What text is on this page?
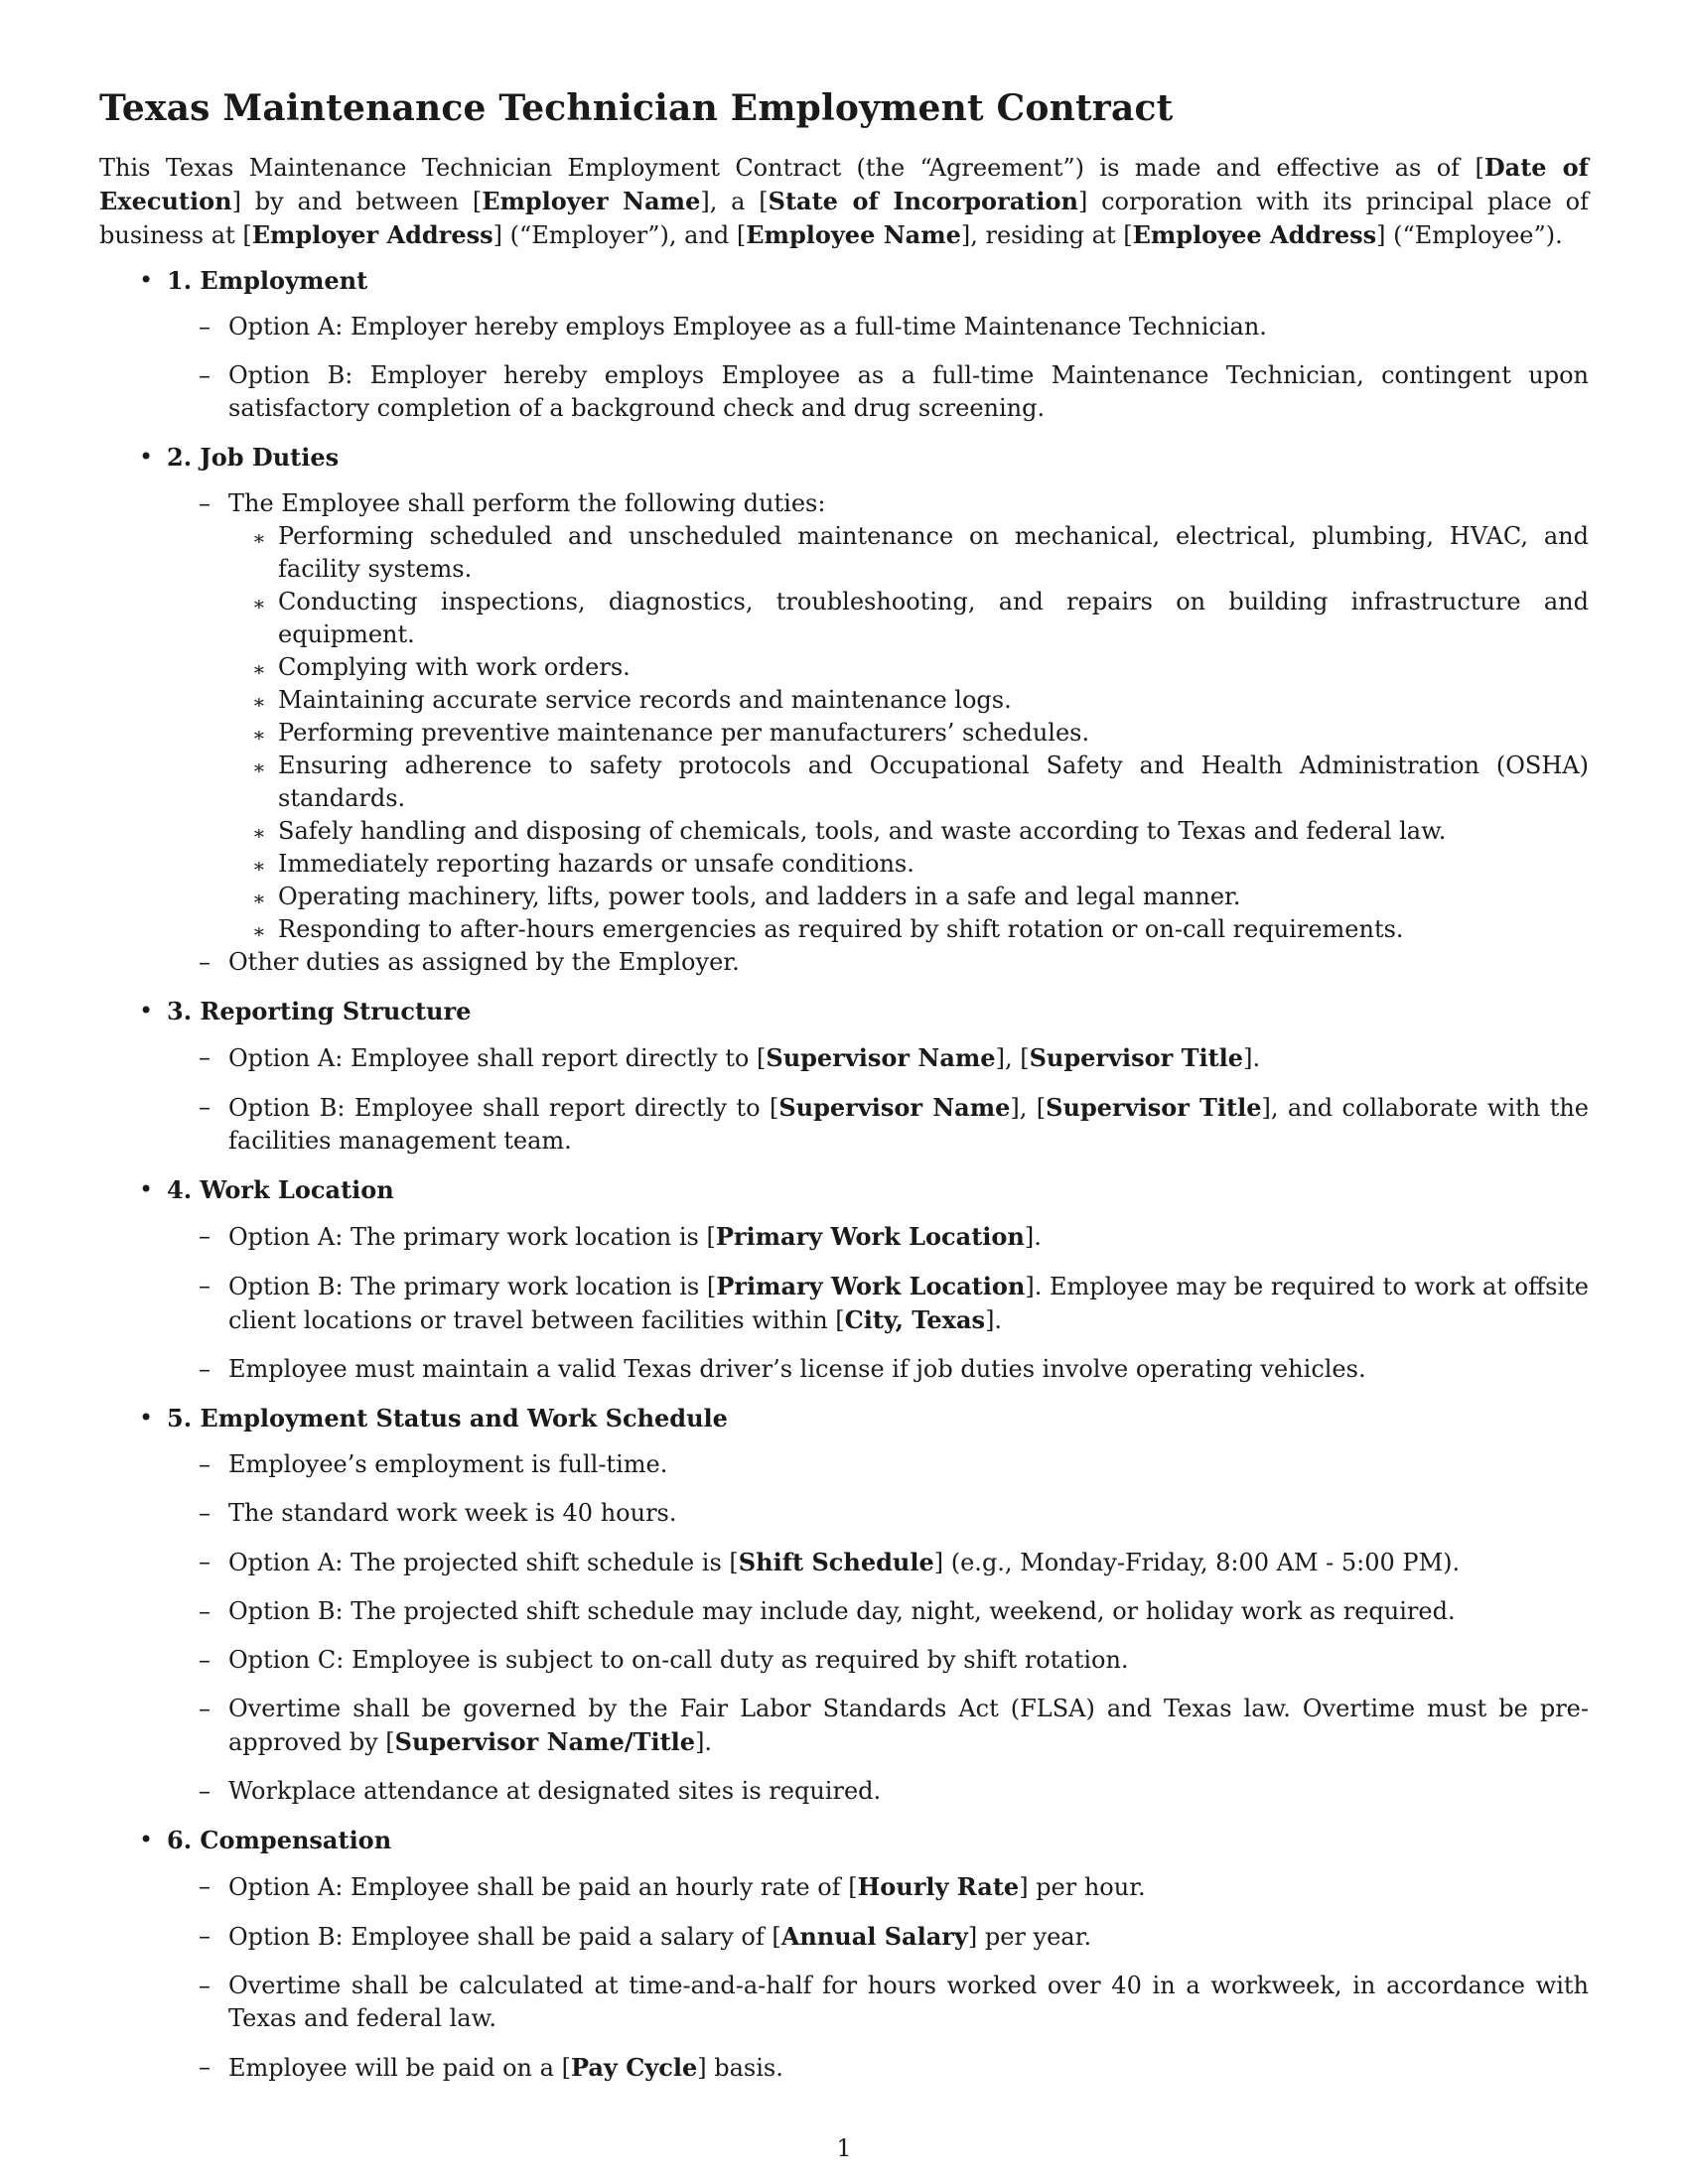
Texas Maintenance Technician Employment Contract

This Texas Maintenance Technician Employment Contract (the “Agreement”) is made and effective as of [Date of Execution] by and between [Employer Name], a [State of Incorporation] corporation with its principal place of business at [Employer Address] (“Employer”), and [Employee Name], residing at [Employee Address] (“Employee”).

• 1. Employment
– Option A: Employer hereby employs Employee as a full-time Maintenance Technician.
– Option B: Employer hereby employs Employee as a full-time Maintenance Technician, contingent upon satisfactory completion of a background check and drug screening.
• 2. Job Duties
– The Employee shall perform the following duties:
∗ Performing scheduled and unscheduled maintenance on mechanical, electrical, plumbing, HVAC, and facility systems.
∗ Conducting inspections, diagnostics, troubleshooting, and repairs on building infrastructure and equipment.
∗ Complying with work orders.
∗ Maintaining accurate service records and maintenance logs.
∗ Performing preventive maintenance per manufacturers’ schedules.
∗ Ensuring adherence to safety protocols and Occupational Safety and Health Administration (OSHA) standards.
∗ Safely handling and disposing of chemicals, tools, and waste according to Texas and federal law.
∗ Immediately reporting hazards or unsafe conditions.
∗ Operating machinery, lifts, power tools, and ladders in a safe and legal manner.
∗ Responding to after-hours emergencies as required by shift rotation or on-call requirements.
– Other duties as assigned by the Employer.
• 3. Reporting Structure
– Option A: Employee shall report directly to [Supervisor Name], [Supervisor Title].
– Option B: Employee shall report directly to [Supervisor Name], [Supervisor Title], and collaborate with the facilities management team.
• 4. Work Location
– Option A: The primary work location is [Primary Work Location].
– Option B: The primary work location is [Primary Work Location]. Employee may be required to work at offsite client locations or travel between facilities within [City, Texas].
– Employee must maintain a valid Texas driver’s license if job duties involve operating vehicles.
• 5. Employment Status and Work Schedule
– Employee’s employment is full-time.
– The standard work week is 40 hours.
– Option A: The projected shift schedule is [Shift Schedule] (e.g., Monday-Friday, 8:00 AM - 5:00 PM).
– Option B: The projected shift schedule may include day, night, weekend, or holiday work as required.
– Option C: Employee is subject to on-call duty as required by shift rotation.
– Overtime shall be governed by the Fair Labor Standards Act (FLSA) and Texas law. Overtime must be pre-approved by [Supervisor Name/Title].
– Workplace attendance at designated sites is required.
• 6. Compensation
– Option A: Employee shall be paid an hourly rate of [Hourly Rate] per hour.
– Option B: Employee shall be paid a salary of [Annual Salary] per year.
– Overtime shall be calculated at time-and-a-half for hours worked over 40 in a workweek, in accordance with Texas and federal law.
– Employee will be paid on a [Pay Cycle] basis.
1
